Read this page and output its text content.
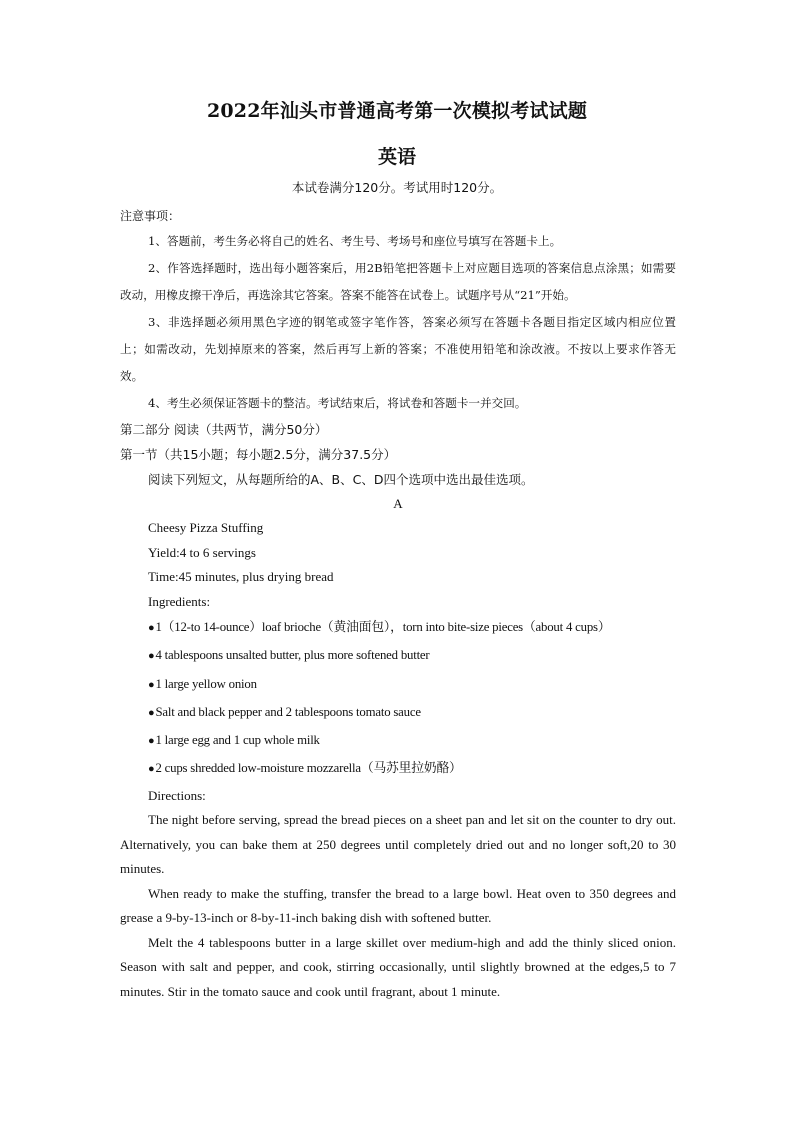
2022年汕头市普通高考第一次模拟考试试题
英语
本试卷满分120分。考试用时120分。
注意事项：
1、答题前，考生务必将自己的姓名、考生号、考场号和座位号填写在答题卡上。
2、作答选择题时，选出每小题答案后，用2B铅笔把答题卡上对应题目选项的答案信息点涂黑；如需要改动，用橡皮擦干净后，再选涂其它答案。答案不能答在试卷上。试题序号从“21”开始。
3、非选择题必须用黑色字迹的钢笔或签字笔作答，答案必须写在答题卡各题目指定区域内相应位置上；如需改动，先划掉原来的答案，然后再写上新的答案；不准使用铅笔和涂改液。不按以上要求作答无效。
4、考生必须保证答题卡的整洁。考试结束后，将试卷和答题卡一并交回。
第二部分 阅读（共两节，满分50分）
第一节（共15小题；每小题2.5分，满分37.5分）
阅读下列短文，从每题所给的A、B、C、D四个选项中选出最佳选项。
A
Cheesy Pizza Stuffing
Yield:4 to 6 servings
Time:45 minutes, plus drying bread
Ingredients:
●1（12-to 14-ounce）loaf brioche（黄油面包），torn into bite-size pieces（about 4 cups）
●4 tablespoons unsalted butter, plus more softened butter
●1 large yellow onion
●Salt and black pepper and 2 tablespoons tomato sauce
●1 large egg and 1 cup whole milk
●2 cups shredded low-moisture mozzarella（马苏里拉奶酪）
Directions:
The night before serving, spread the bread pieces on a sheet pan and let sit on the counter to dry out. Alternatively, you can bake them at 250 degrees until completely dried out and no longer soft,20 to 30 minutes.
When ready to make the stuffing, transfer the bread to a large bowl. Heat oven to 350 degrees and grease a 9-by-13-inch or 8-by-11-inch baking dish with softened butter.
Melt the 4 tablespoons butter in a large skillet over medium-high and add the thinly sliced onion. Season with salt and pepper, and cook, stirring occasionally, until slightly browned at the edges,5 to 7 minutes. Stir in the tomato sauce and cook until fragrant, about 1 minute.
